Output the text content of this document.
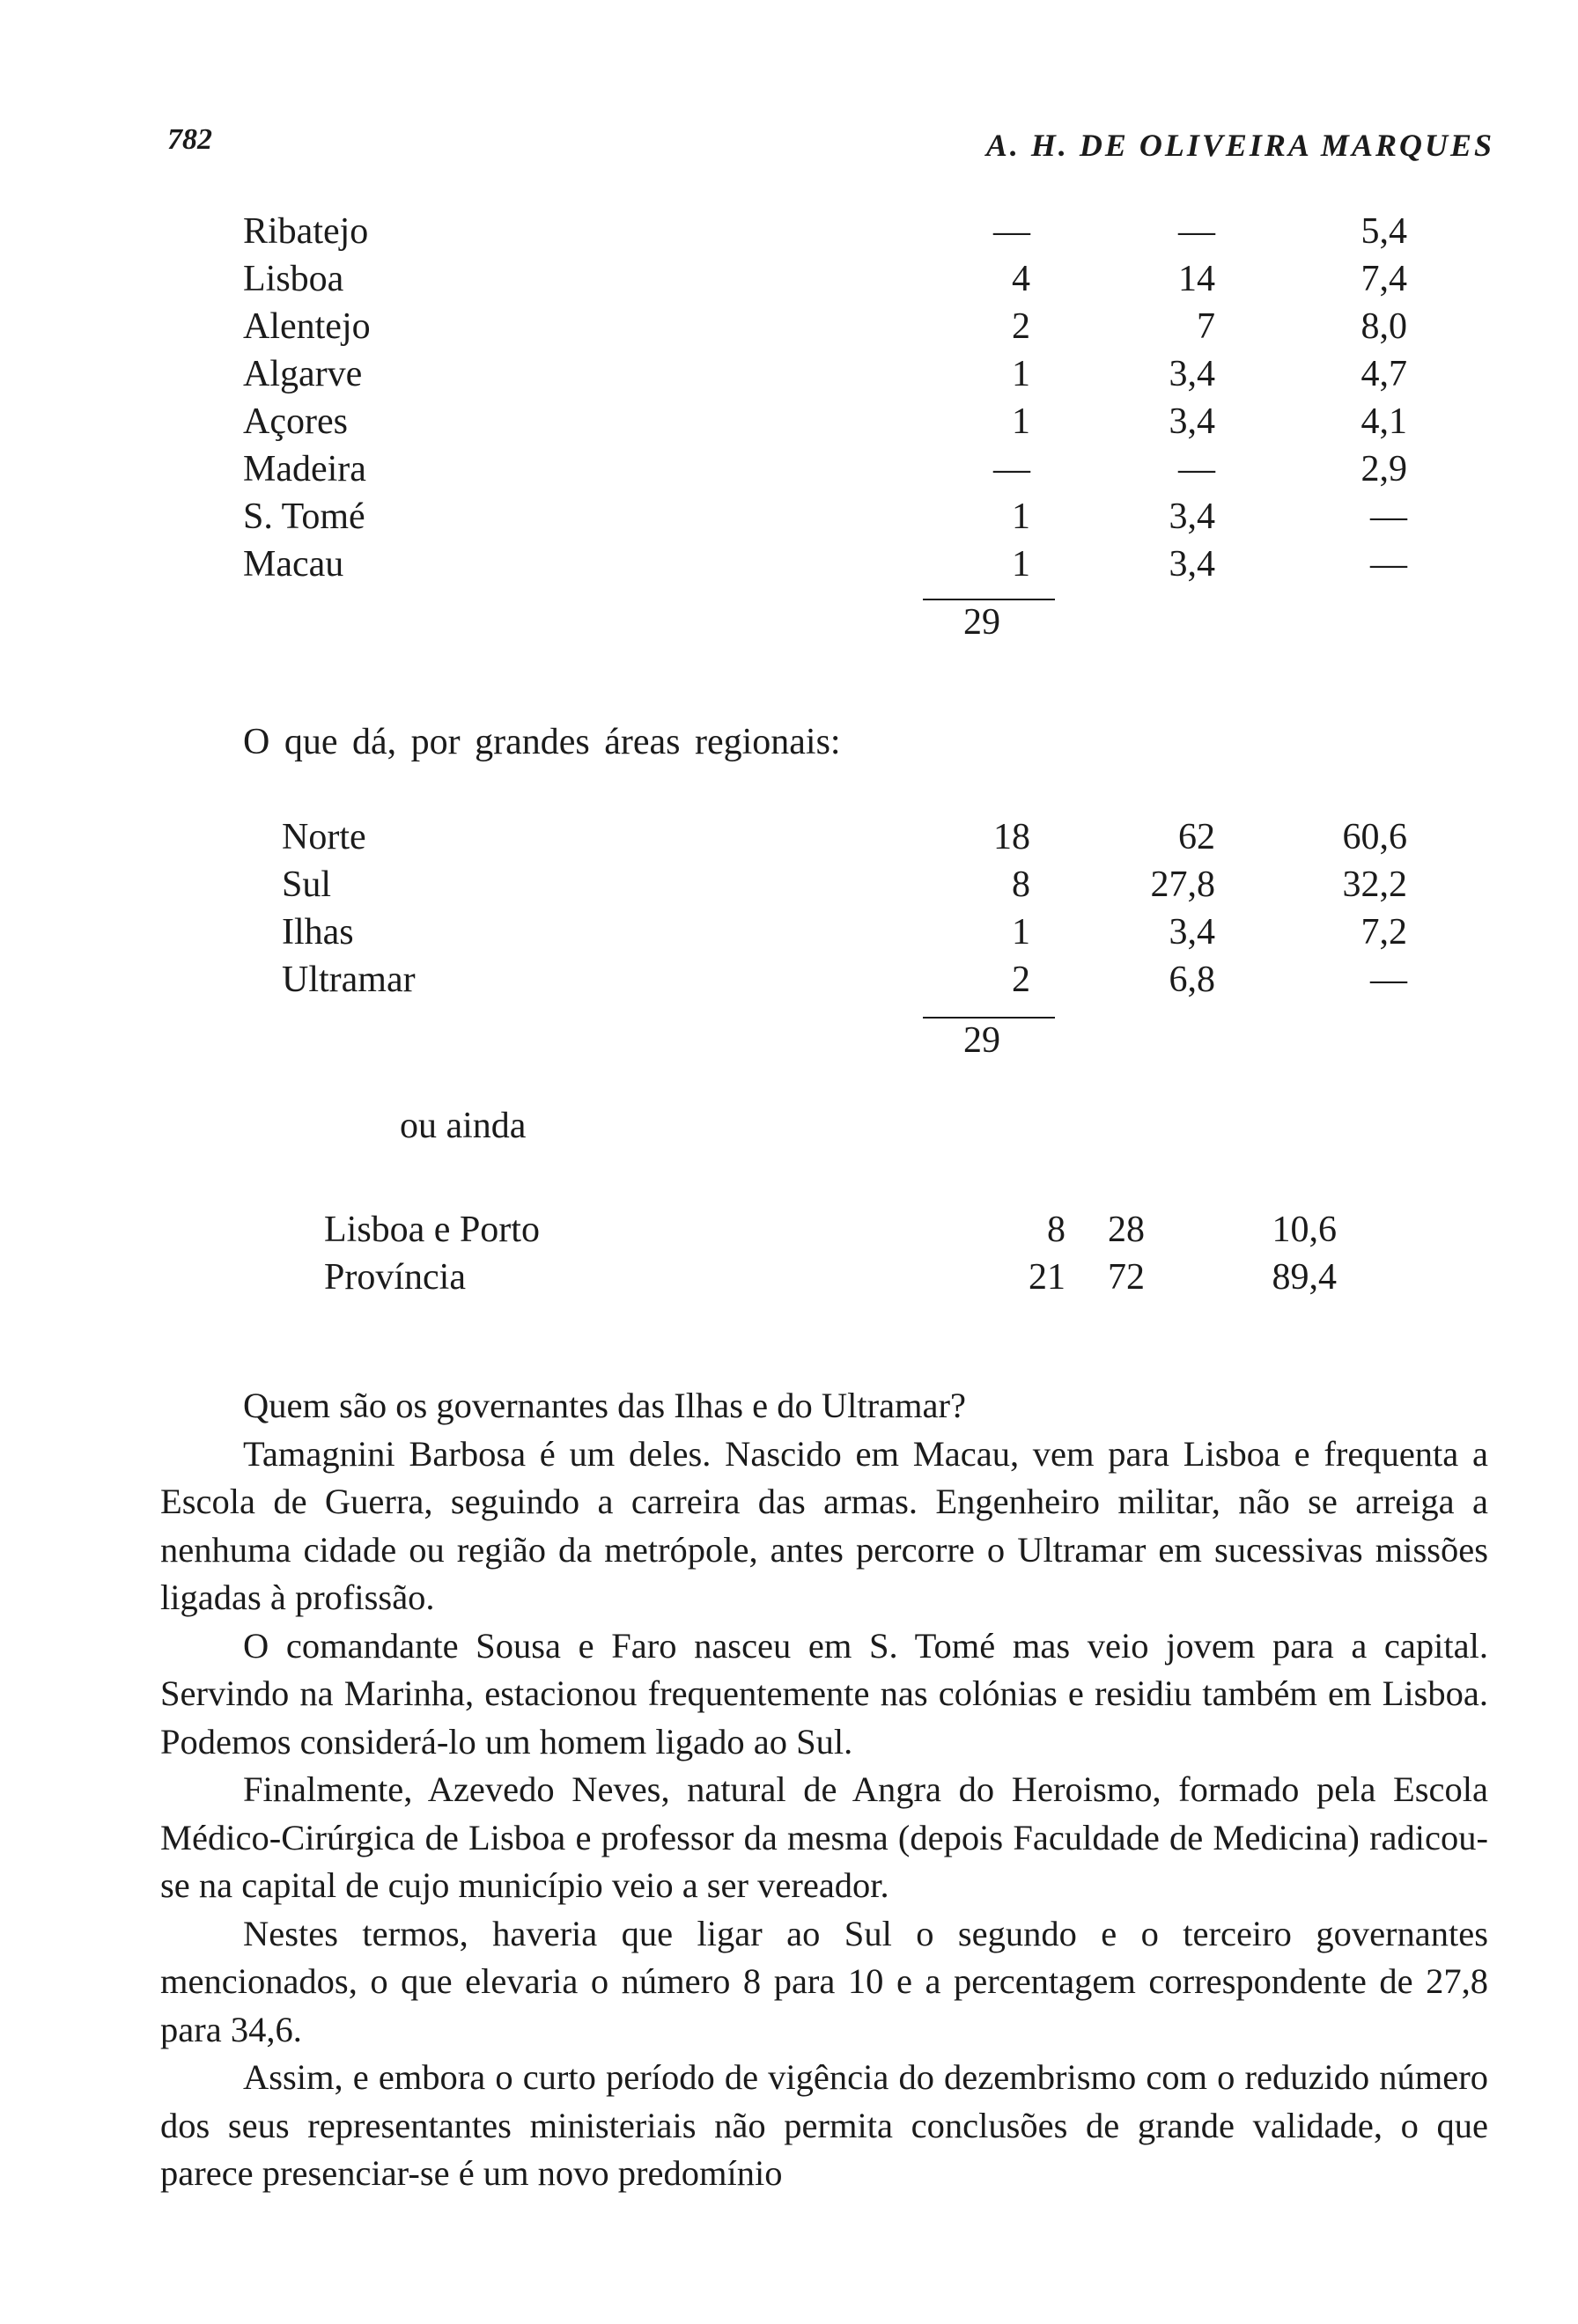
782	A. H. DE OLIVEIRA MARQUES
Ribatejo	—	—	5,4
Lisboa	4	14	7,4
Alentejo	2	7	8,0
Algarve	1	3,4	4,7
Açores	1	3,4	4,1
Madeira	—	—	2,9
S. Tomé	1	3,4	—
Macau	1	3,4	—
29
O que dá, por grandes áreas regionais:
Norte	18	62	60,6
Sul	8	27,8	32,2
Ilhas	1	3,4	7,2
Ultramar	2	6,8	—
29
ou ainda
Lisboa e Porto	8 28	10,6
Província	21 72	89,4

Quem são os governantes das Ilhas e do Ultramar?

Tamagnini Barbosa é um deles. Nascido em Macau, vem para Lisboa e frequenta a Escola de Guerra, seguindo a carreira das armas. Engenheiro militar, não se arreiga a nenhuma cidade ou região da metrópole, antes percorre o Ultramar em sucessivas missões ligadas à profissão.

O comandante Sousa e Faro nasceu em S. Tomé mas veio jovem para a capital. Servindo na Marinha, estacionou frequentemente nas colónias e residiu também em Lisboa. Podemos considerá-lo um homem ligado ao Sul.

Finalmente, Azevedo Neves, natural de Angra do Heroismo, formado pela Escola Médico-Cirúrgica de Lisboa e professor da mesma (depois Faculdade de Medicina) radicou-se na capital de cujo município veio a ser vereador.

Nestes termos, haveria que ligar ao Sul o segundo e o terceiro governantes mencionados, o que elevaria o número 8 para 10 e a percentagem correspondente de 27,8 para 34,6.

Assim, e embora o curto período de vigência do dezembrismo com o reduzido número dos seus representantes ministeriais não permita conclusões de grande validade, o que parece presenciar-se é um novo predomínio
